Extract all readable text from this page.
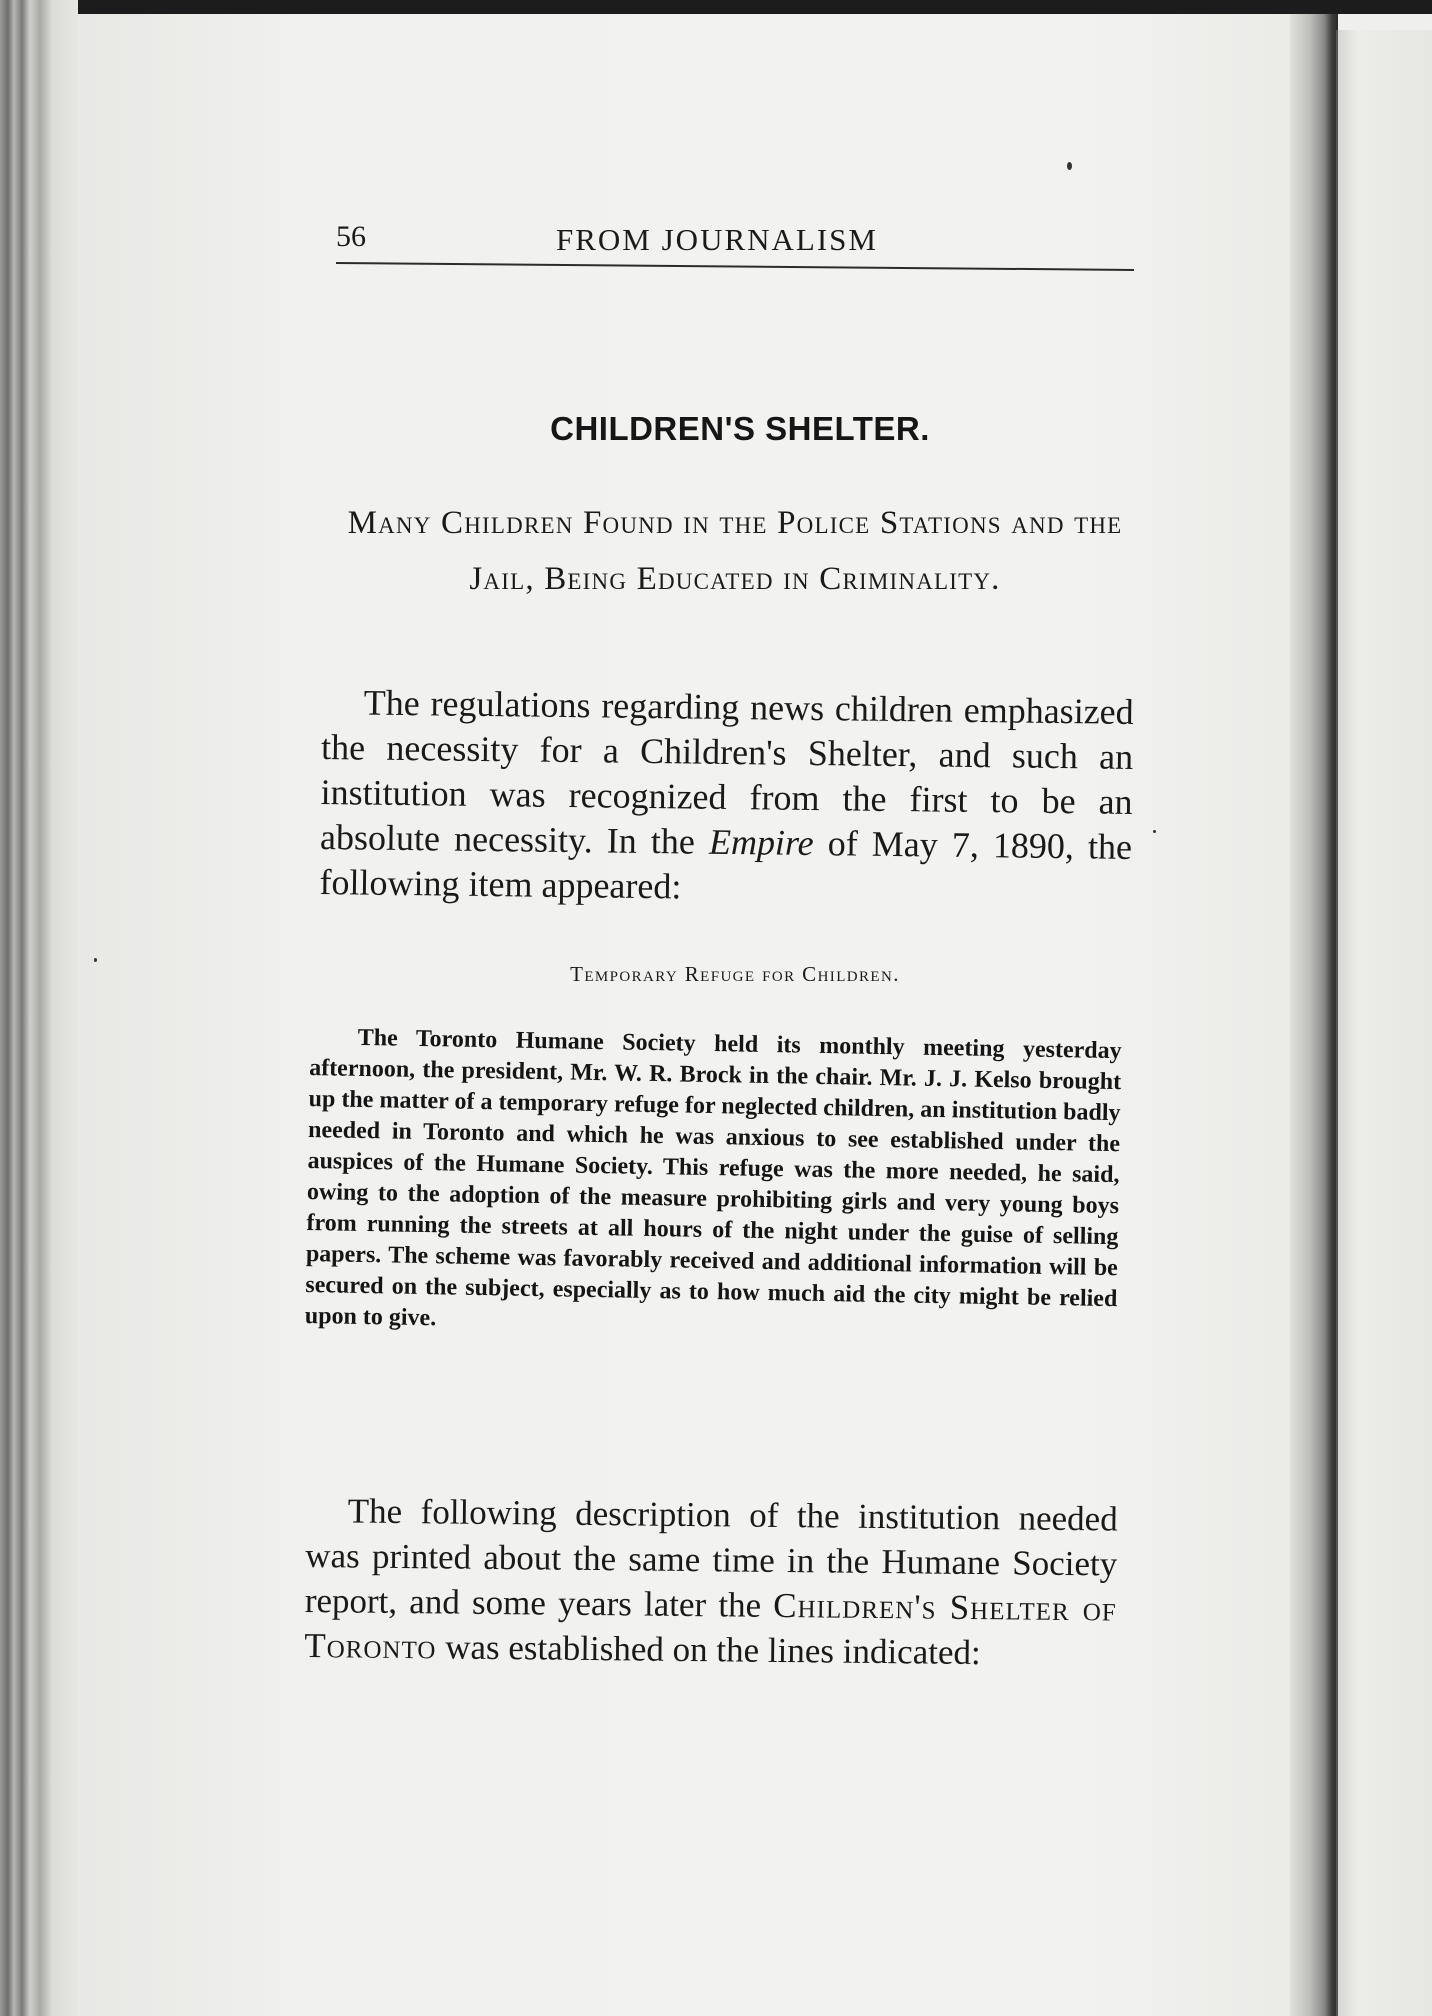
56	FROM JOURNALISM
CHILDREN'S SHELTER.
Many Children Found in the Police Stations and the Jail, Being Educated in Criminality.
The regulations regarding news children emphasized the necessity for a Children's Shelter, and such an institution was recognized from the first to be an absolute necessity. In the Empire of May 7, 1890, the following item appeared:
Temporary Refuge for Children.
The Toronto Humane Society held its monthly meeting yesterday afternoon, the president, Mr. W. R. Brock in the chair. Mr. J. J. Kelso brought up the matter of a temporary refuge for neglected children, an institution badly needed in Toronto and which he was anxious to see established under the auspices of the Humane Society. This refuge was the more needed, he said, owing to the adoption of the measure prohibiting girls and very young boys from running the streets at all hours of the night under the guise of selling papers. The scheme was favorably received and additional information will be secured on the subject, especially as to how much aid the city might be relied upon to give.
The following description of the institution needed was printed about the same time in the Humane Society report, and some years later the Children's Shelter of Toronto was established on the lines indicated:
